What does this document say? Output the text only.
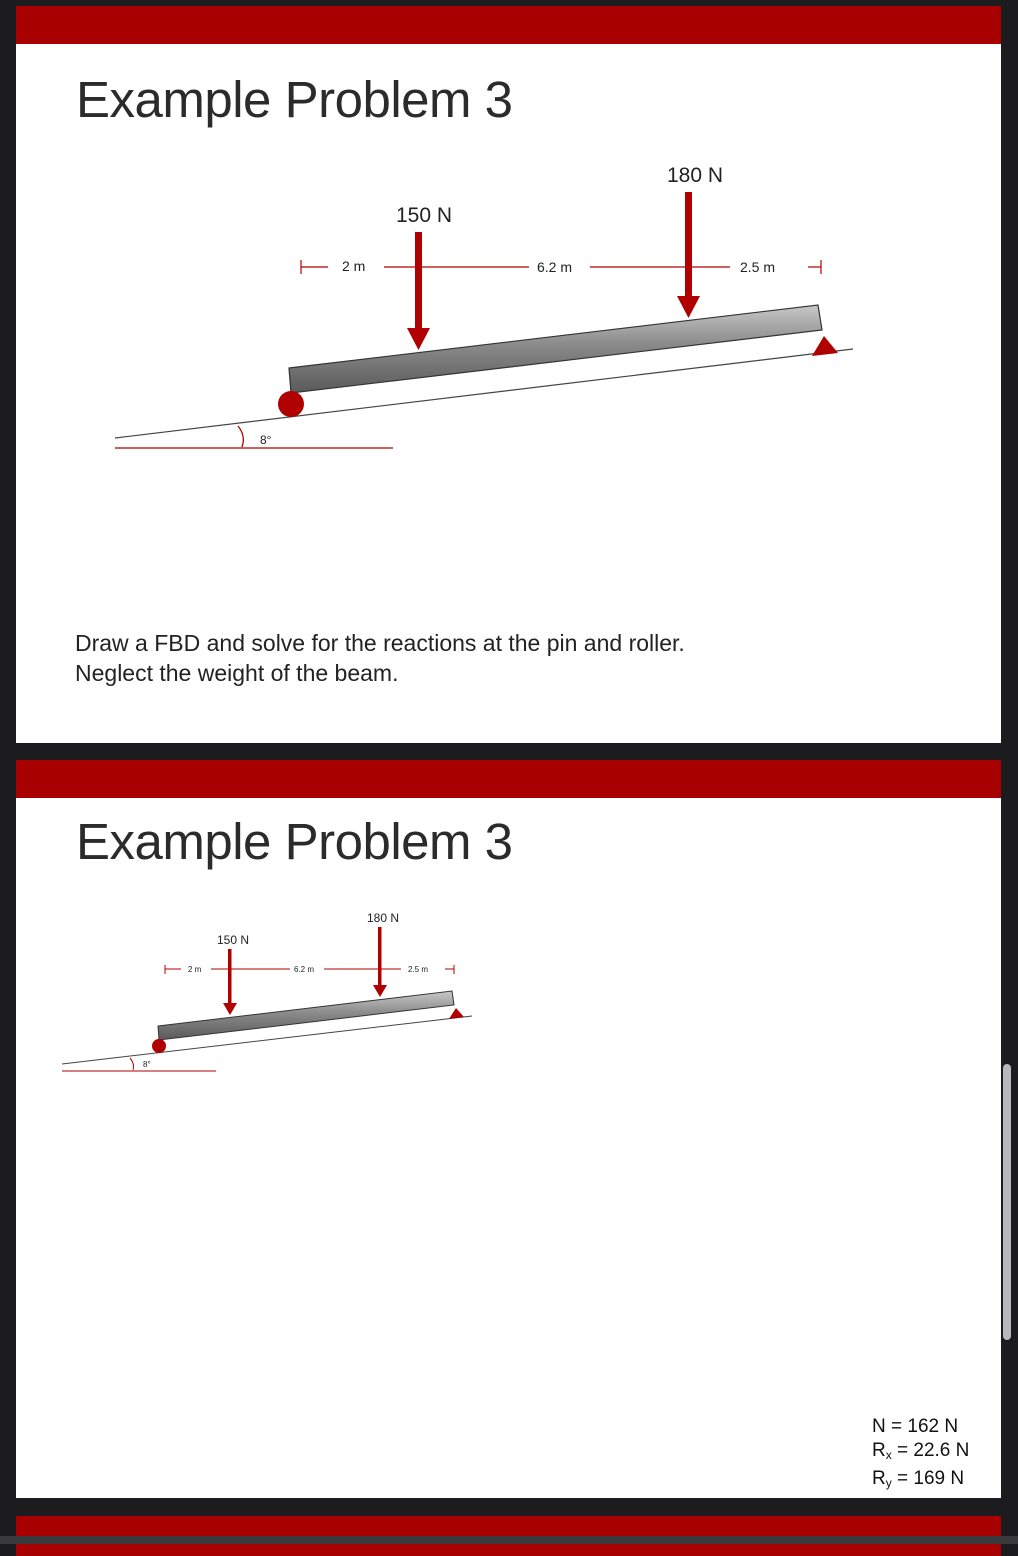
Example Problem 3
8°
2 m	6.2 m	2.5 m
150 N
180 N
Draw a FBD and solve for the reactions at the pin and roller.
Neglect the weight of the beam.
Example Problem 3
8°
2 m	6.2 m	2.5 m
150 N
180 N
N = 162 N
$R_x = 22.6$ N
$R_y = 169$ N
